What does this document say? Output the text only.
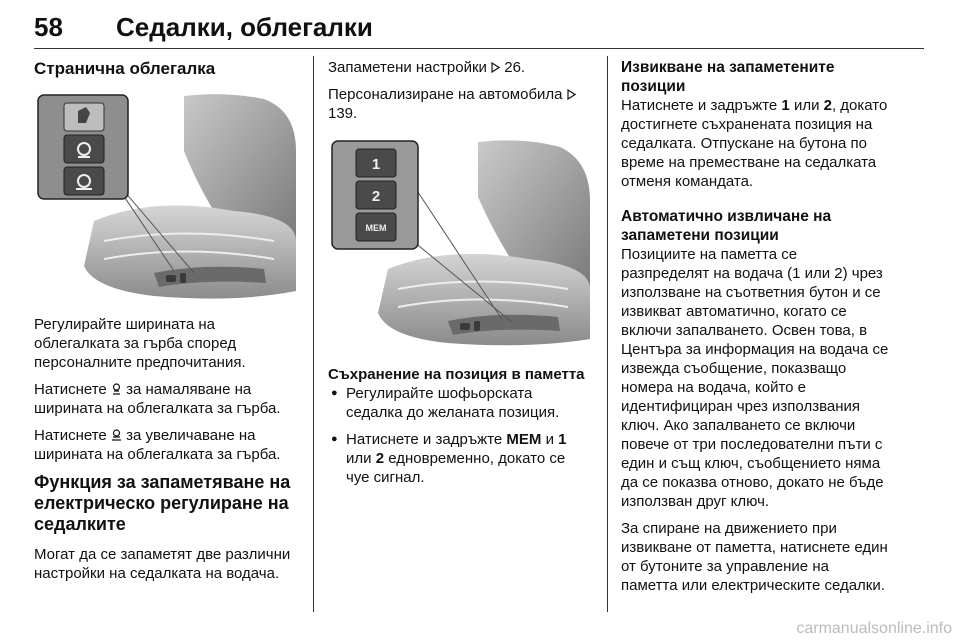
58 Седалки, облегалки
Странична облегалка

Регулирайте ширината на облегалката за гърба според персоналните предпочитания.

Натиснете за намаляване на ширината на облегалката за гърба.

Натиснете за увеличаване на ширината на облегалката за гърба.

Функция за запаметяване на електрическо регулиране на седалките

Могат да се запаметят две различни настройки на седалката на водача.

Запаметени настройки 26.

Персонализиране на автомобила  139.

1
2
MEM
Съхранение на позиция в паметта
● Регулирайте шофьорската седалка до желаната позиция.
● Натиснете и задръжте MEM и 1 или 2 едновременно, докато се чуе сигнал.
Извикване на запаметените позиции

Натиснете и задръжте 1 или 2, докато достигнете съхранената позиция на седалката. Отпускане на бутона по време на преместване на седалката отменя командата.

Автоматично извличане на запаметени позиции

Позициите на паметта се разпределят на водача (1 или 2) чрез използване на съответния бутон и се извикват автоматично, когато се включи запалването. Освен това, в Центъра за информация на водача се извежда съобщение, показващо номера на водача, който е идентифициран чрез използвания ключ. Ако запалването се включи повече от три последователни пъти с един и същ ключ, съобщението няма да се показва отново, докато не бъде използван друг ключ.

За спиране на движението при извикване от паметта, натиснете един от бутоните за управление на паметта или електрическите седалки.

carmanualsonline.info
